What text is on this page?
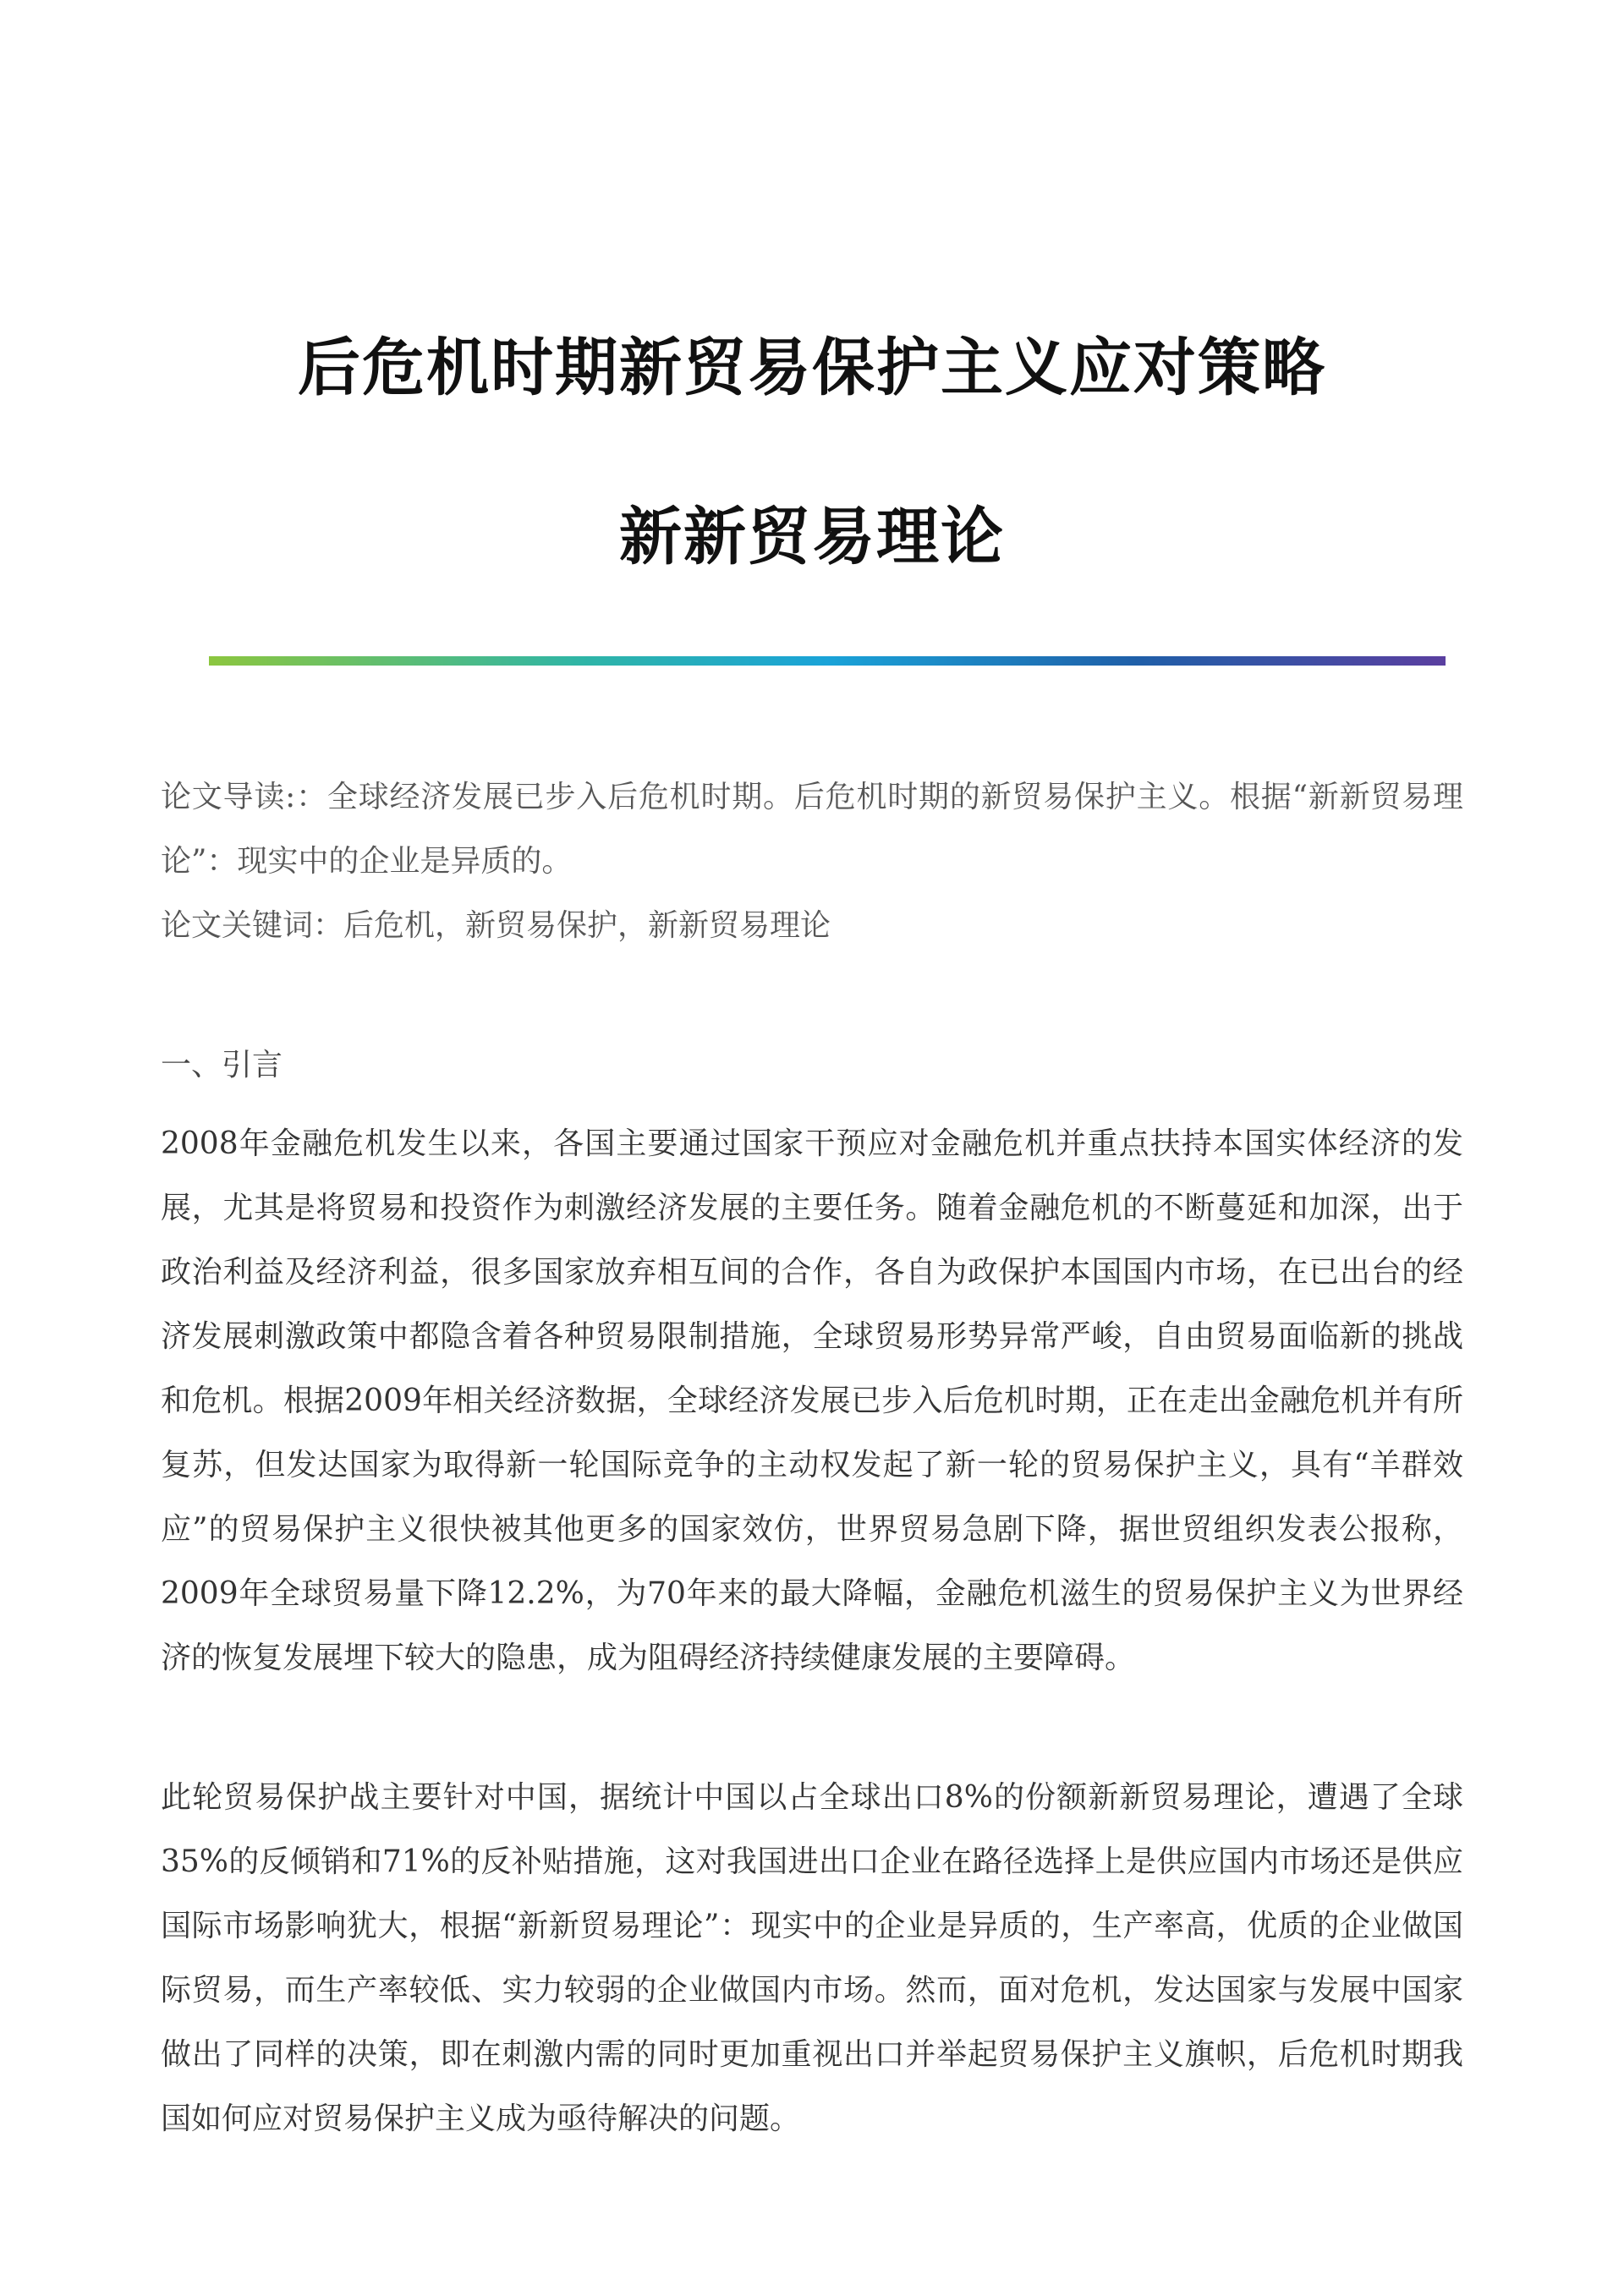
后危机时期新贸易保护主义应对策略
新新贸易理论

论文导读:：全球经济发展已步入后危机时期。后危机时期的新贸易保护主义。根据“新新贸易理论”：现实中的企业是异质的。

论文关键词：后危机，新贸易保护，新新贸易理论

一、引言

2008年金融危机发生以来，各国主要通过国家干预应对金融危机并重点扶持本国实体经济的发展，尤其是将贸易和投资作为刺激经济发展的主要任务。随着金融危机的不断蔓延和加深，出于政治利益及经济利益，很多国家放弃相互间的合作，各自为政保护本国国内市场，在已出台的经济发展刺激政策中都隐含着各种贸易限制措施，全球贸易形势异常严峻，自由贸易面临新的挑战和危机。根据2009年相关经济数据，全球经济发展已步入后危机时期，正在走出金融危机并有所复苏，但发达国家为取得新一轮国际竞争的主动权发起了新一轮的贸易保护主义，具有“羊群效应”的贸易保护主义很快被其他更多的国家效仿，世界贸易急剧下降，据世贸组织发表公报称，2009年全球贸易量下降12.2%，为70年来的最大降幅，金融危机滋生的贸易保护主义为世界经济的恢复发展埋下较大的隐患，成为阻碍经济持续健康发展的主要障碍。

此轮贸易保护战主要针对中国，据统计中国以占全球出口8%的份额新新贸易理论，遭遇了全球35%的反倾销和71%的反补贴措施，这对我国进出口企业在路径选择上是供应国内市场还是供应国际市场影响犹大，根据“新新贸易理论”：现实中的企业是异质的，生产率高，优质的企业做国际贸易，而生产率较低、实力较弱的企业做国内市场。然而，面对危机，发达国家与发展中国家做出了同样的决策，即在刺激内需的同时更加重视出口并举起贸易保护主义旗帜，后危机时期我国如何应对贸易保护主义成为亟待解决的问题。
